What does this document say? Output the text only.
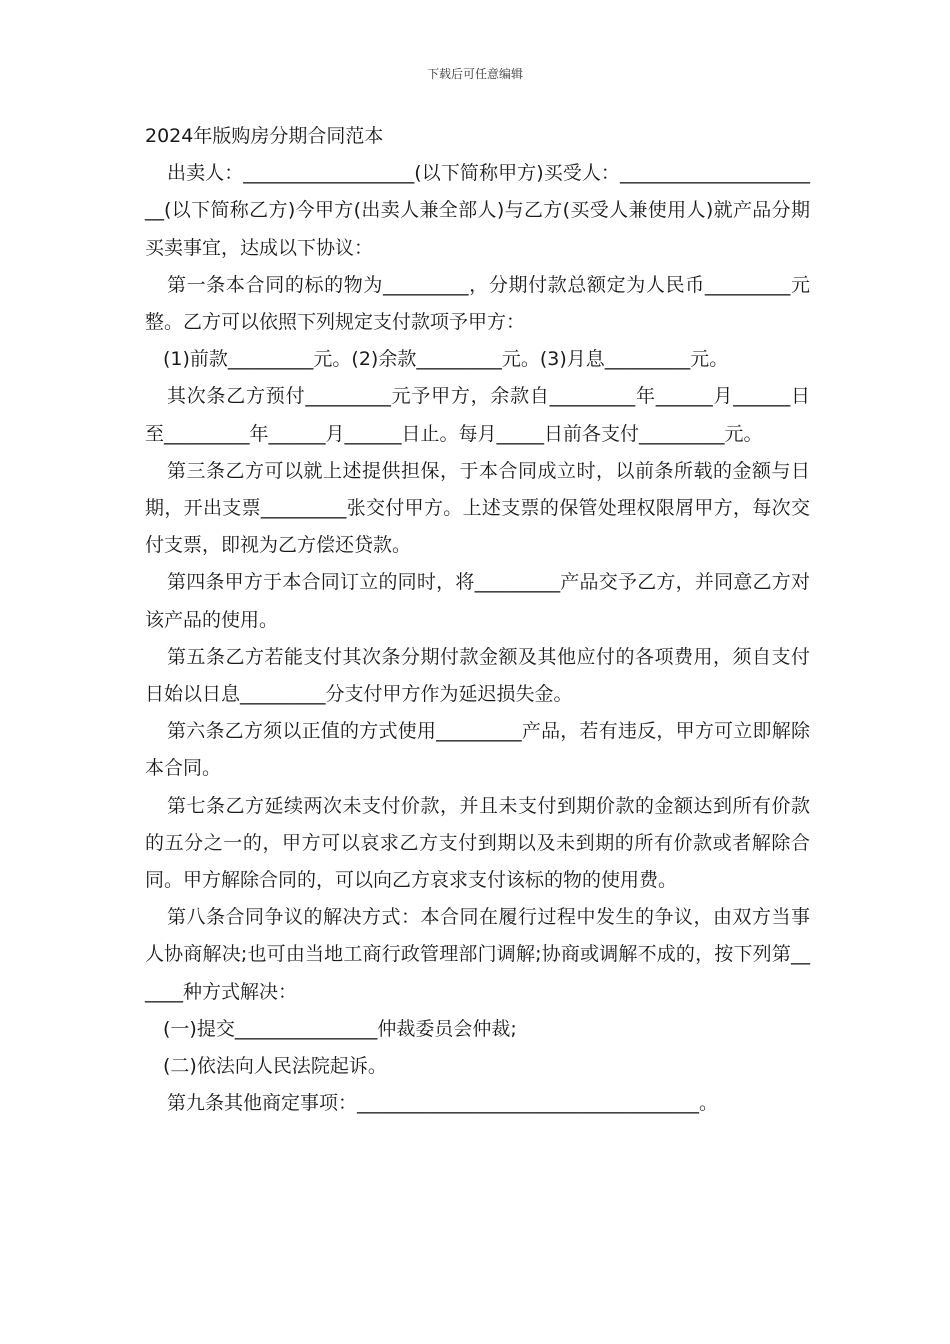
下载后可任意编辑

2024年版购房分期合同范本

出卖人：__________________(以下简称甲方)买受人：______________________(以下简称乙方)今甲方(出卖人兼全部人)与乙方(买受人兼使用人)就产品分期买卖事宜，达成以下协议：

第一条本合同的标的物为_________，分期付款总额定为人民币_________元整。乙方可以依照下列规定支付款项予甲方：

(1)前款_________元。(2)余款_________元。(3)月息_________元。

其次条乙方预付_________元予甲方，余款自_________年______月______日至_________年______月______日止。每月_____日前各支付_________元。

第三条乙方可以就上述提供担保，于本合同成立时，以前条所载的金额与日期，开出支票_________张交付甲方。上述支票的保管处理权限屑甲方，每次交付支票，即视为乙方偿还贷款。

第四条甲方于本合同订立的同时，将_________产品交予乙方，并同意乙方对该产品的使用。

第五条乙方若能支付其次条分期付款金额及其他应付的各项费用，须自支付日始以日息_________分支付甲方作为延迟损失金。

第六条乙方须以正值的方式使用_________产品，若有违反，甲方可立即解除本合同。

第七条乙方延续两次未支付价款，并且未支付到期价款的金额达到所有价款的五分之一的，甲方可以哀求乙方支付到期以及未到期的所有价款或者解除合同。甲方解除合同的，可以向乙方哀求支付该标的物的使用费。

第八条合同争议的解决方式：本合同在履行过程中发生的争议，由双方当事人协商解决;也可由当地工商行政管理部门调解;协商或调解不成的，按下列第______种方式解决：

(一)提交_______________仲裁委员会仲裁;

(二)依法向人民法院起诉。

第九条其他商定事项：____________________________________。
